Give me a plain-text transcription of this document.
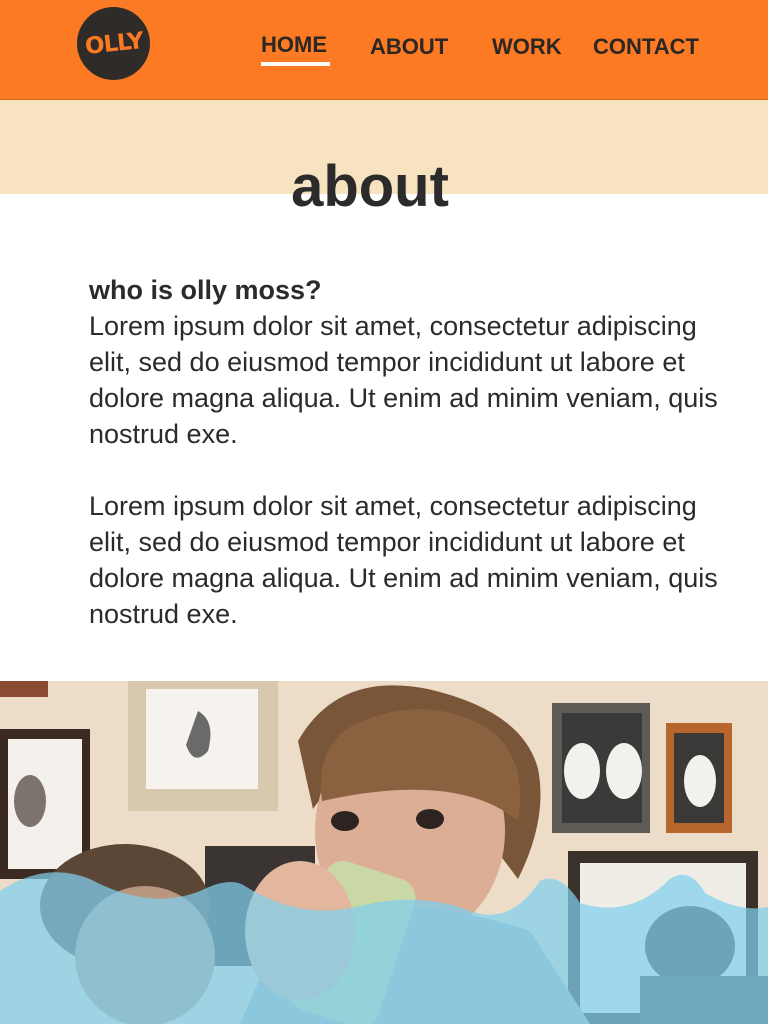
OLLY	HOME ABOUT WORK CONTACT
about

who is olly moss?

Lorem ipsum dolor sit amet, consectetur adipiscing elit, sed do eiusmod tempor incididunt ut labore et dolore magna aliqua. Ut enim ad minim veniam, quis nostrud exe.

Lorem ipsum dolor sit amet, consectetur adipiscing elit, sed do eiusmod tempor incididunt ut labore et dolore magna aliqua. Ut enim ad minim veniam, quis nostrud exe.
